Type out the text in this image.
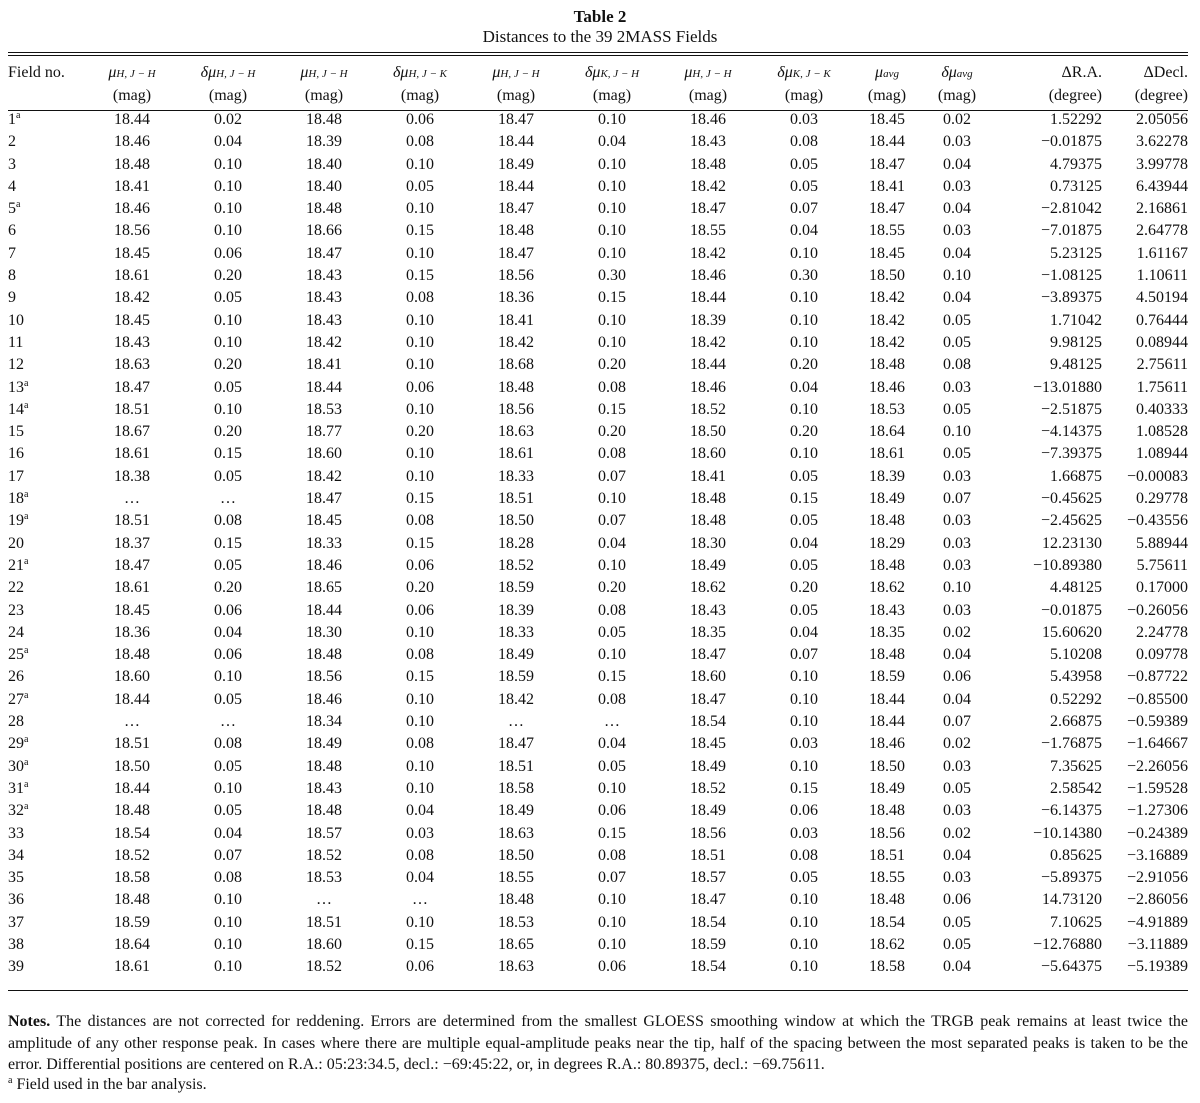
Table 2
Distances to the 39 2MASS Fields
Field no.	μH, J − H	δμH, J − H	μH, J − H	δμH, J − K	μH, J − H	δμK, J − H	μH, J − H	δμK, J − K	μavg	δμavg	ΔR.A.	ΔDecl.
	(mag)	(mag)	(mag)	(mag)	(mag)	(mag)	(mag)	(mag)	(mag)	(mag)	(degree)	(degree)
1$^a$	18.44	0.02	18.48	0.06	18.47	0.10	18.46	0.03	18.45	0.02	1.52292	2.05056
2	18.46	0.04	18.39	0.08	18.44	0.04	18.43	0.08	18.44	0.03	−0.01875	3.62278
3	18.48	0.10	18.40	0.10	18.49	0.10	18.48	0.05	18.47	0.04	4.79375	3.99778
4	18.41	0.10	18.40	0.05	18.44	0.10	18.42	0.05	18.41	0.03	0.73125	6.43944
5$^a$	18.46	0.10	18.48	0.10	18.47	0.10	18.47	0.07	18.47	0.04	−2.81042	2.16861
6	18.56	0.10	18.66	0.15	18.48	0.10	18.55	0.04	18.55	0.03	−7.01875	2.64778
7	18.45	0.06	18.47	0.10	18.47	0.10	18.42	0.10	18.45	0.04	5.23125	1.61167
8	18.61	0.20	18.43	0.15	18.56	0.30	18.46	0.30	18.50	0.10	−1.08125	1.10611
9	18.42	0.05	18.43	0.08	18.36	0.15	18.44	0.10	18.42	0.04	−3.89375	4.50194
10	18.45	0.10	18.43	0.10	18.41	0.10	18.39	0.10	18.42	0.05	1.71042	0.76444
11	18.43	0.10	18.42	0.10	18.42	0.10	18.42	0.10	18.42	0.05	9.98125	0.08944
12	18.63	0.20	18.41	0.10	18.68	0.20	18.44	0.20	18.48	0.08	9.48125	2.75611
13$^a$	18.47	0.05	18.44	0.06	18.48	0.08	18.46	0.04	18.46	0.03	−13.01880	1.75611
14$^a$	18.51	0.10	18.53	0.10	18.56	0.15	18.52	0.10	18.53	0.05	−2.51875	0.40333
15	18.67	0.20	18.77	0.20	18.63	0.20	18.50	0.20	18.64	0.10	−4.14375	1.08528
16	18.61	0.15	18.60	0.10	18.61	0.08	18.60	0.10	18.61	0.05	−7.39375	1.08944
17	18.38	0.05	18.42	0.10	18.33	0.07	18.41	0.05	18.39	0.03	1.66875	−0.00083
18$^a$	…	…	18.47	0.15	18.51	0.10	18.48	0.15	18.49	0.07	−0.45625	0.29778
19$^a$	18.51	0.08	18.45	0.08	18.50	0.07	18.48	0.05	18.48	0.03	−2.45625	−0.43556
20	18.37	0.15	18.33	0.15	18.28	0.04	18.30	0.04	18.29	0.03	12.23130	5.88944
21$^a$	18.47	0.05	18.46	0.06	18.52	0.10	18.49	0.05	18.48	0.03	−10.89380	5.75611
22	18.61	0.20	18.65	0.20	18.59	0.20	18.62	0.20	18.62	0.10	4.48125	0.17000
23	18.45	0.06	18.44	0.06	18.39	0.08	18.43	0.05	18.43	0.03	−0.01875	−0.26056
24	18.36	0.04	18.30	0.10	18.33	0.05	18.35	0.04	18.35	0.02	15.60620	2.24778
25$^a$	18.48	0.06	18.48	0.08	18.49	0.10	18.47	0.07	18.48	0.04	5.10208	0.09778
26	18.60	0.10	18.56	0.15	18.59	0.15	18.60	0.10	18.59	0.06	5.43958	−0.87722
27$^a$	18.44	0.05	18.46	0.10	18.42	0.08	18.47	0.10	18.44	0.04	0.52292	−0.85500
28	…	…	18.34	0.10	…	…	18.54	0.10	18.44	0.07	2.66875	−0.59389
29$^a$	18.51	0.08	18.49	0.08	18.47	0.04	18.45	0.03	18.46	0.02	−1.76875	−1.64667
30$^a$	18.50	0.05	18.48	0.10	18.51	0.05	18.49	0.10	18.50	0.03	7.35625	−2.26056
31$^a$	18.44	0.10	18.43	0.10	18.58	0.10	18.52	0.15	18.49	0.05	2.58542	−1.59528
32$^a$	18.48	0.05	18.48	0.04	18.49	0.06	18.49	0.06	18.48	0.03	−6.14375	−1.27306
33	18.54	0.04	18.57	0.03	18.63	0.15	18.56	0.03	18.56	0.02	−10.14380	−0.24389
34	18.52	0.07	18.52	0.08	18.50	0.08	18.51	0.08	18.51	0.04	0.85625	−3.16889
35	18.58	0.08	18.53	0.04	18.55	0.07	18.57	0.05	18.55	0.03	−5.89375	−2.91056
36	18.48	0.10	…	…	18.48	0.10	18.47	0.10	18.48	0.06	14.73120	−2.86056
37	18.59	0.10	18.51	0.10	18.53	0.10	18.54	0.10	18.54	0.05	7.10625	−4.91889
38	18.64	0.10	18.60	0.15	18.65	0.10	18.59	0.10	18.62	0.05	−12.76880	−3.11889
39	18.61	0.10	18.52	0.06	18.63	0.06	18.54	0.10	18.58	0.04	−5.64375	−5.19389
Notes. The distances are not corrected for reddening. Errors are determined from the smallest GLOESS smoothing window at which the TRGB peak remains at least twice the amplitude of any other response peak. In cases where there are multiple equal-amplitude peaks near the tip, half of the spacing between the most separated peaks is taken to be the error. Differential positions are centered on R.A.: 05:23:34.5, decl.: −69:45:22, or, in degrees R.A.: 80.89375, decl.: −69.75611.
$^a$ Field used in the bar analysis.
